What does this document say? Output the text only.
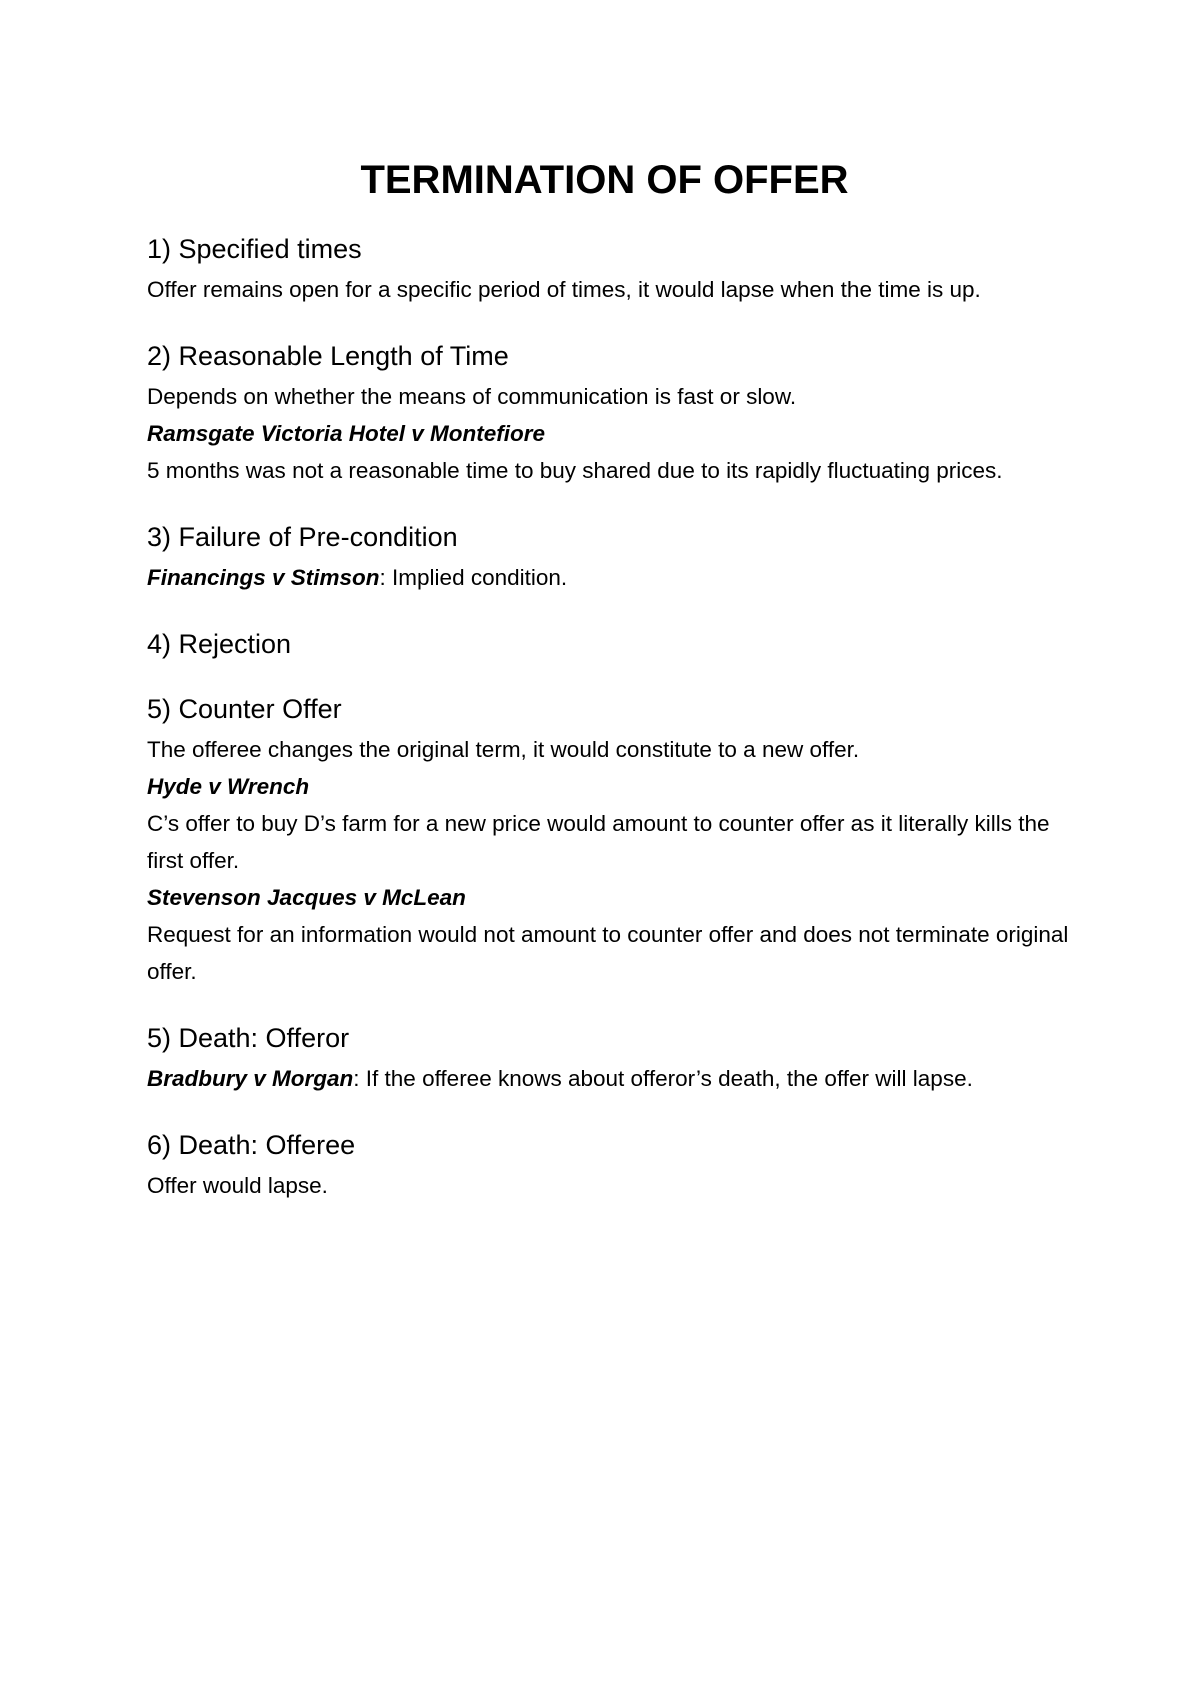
TERMINATION OF OFFER
1) Specified times

Offer remains open for a specific period of times, it would lapse when the time is up.

2) Reasonable Length of Time

Depends on whether the means of communication is fast or slow.

Ramsgate Victoria Hotel v Montefiore

5 months was not a reasonable time to buy shared due to its rapidly fluctuating prices.

3) Failure of Pre-condition

Financings v Stimson: Implied condition.

4) Rejection
5) Counter Offer

The offeree changes the original term, it would constitute to a new offer.

Hyde v Wrench

C’s offer to buy D’s farm for a new price would amount to counter offer as it literally kills the first offer.

Stevenson Jacques v McLean

Request for an information would not amount to counter offer and does not terminate original offer.

5) Death: Offeror

Bradbury v Morgan: If the offeree knows about offeror’s death, the offer will lapse.

6) Death: Offeree

Offer would lapse.
